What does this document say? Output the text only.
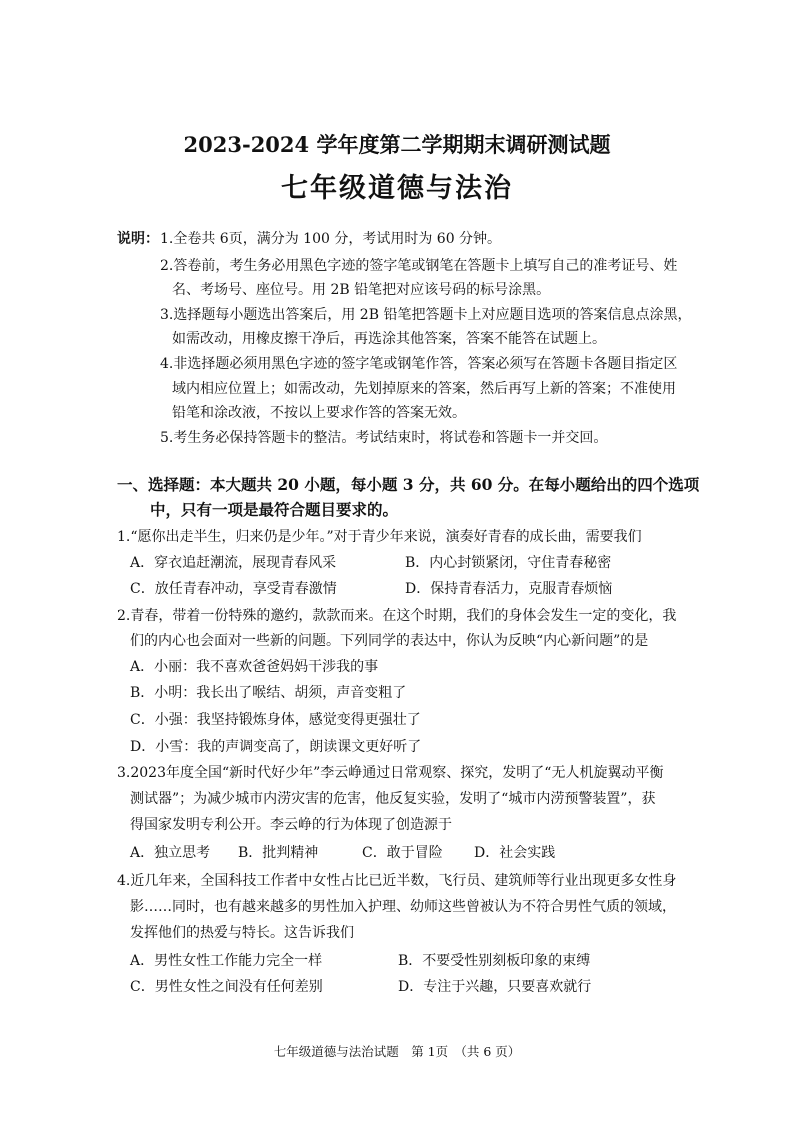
2023-2024 学年度第二学期期末调研测试题
七年级道德与法治
说明： 1.全卷共 6页，满分为 100 分，考试用时为 60 分钟。
2.答卷前，考生务必用黑色字迹的签字笔或钢笔在答题卡上填写自己的准考证号、姓
名、考场号、座位号。用 2B 铅笔把对应该号码的标号涂黑。
3.选择题每小题选出答案后，用 2B 铅笔把答题卡上对应题目选项的答案信息点涂黑，
如需改动，用橡皮擦干净后，再选涂其他答案，答案不能答在试题上。
4.非选择题必须用黑色字迹的签字笔或钢笔作答，答案必须写在答题卡各题目指定区
域内相应位置上；如需改动，先划掉原来的答案，然后再写上新的答案；不准使用
铅笔和涂改液，不按以上要求作答的答案无效。
5.考生务必保持答题卡的整洁。考试结束时，将试卷和答题卡一并交回。
一、选择题：本大题共 20 小题，每小题 3 分，共 60 分。在每小题给出的四个选项
中，只有一项是最符合题目要求的。
1.“愿你出走半生，归来仍是少年。”对于青少年来说，演奏好青春的成长曲，需要我们
A．穿衣追赶潮流，展现青春风采	B．内心封锁紧闭，守住青春秘密
C．放任青春冲动，享受青春激情	D．保持青春活力，克服青春烦恼
2.青春，带着一份特殊的邀约，款款而来。在这个时期，我们的身体会发生一定的变化，我
们的内心也会面对一些新的问题。下列同学的表达中，你认为反映“内心新问题”的是
A．小丽：我不喜欢爸爸妈妈干涉我的事
B．小明：我长出了喉结、胡须，声音变粗了
C．小强：我坚持锻炼身体，感觉变得更强壮了
D．小雪：我的声调变高了，朗读课文更好听了
3.2023年度全国“新时代好少年”李云峥通过日常观察、探究，发明了“无人机旋翼动平衡
测试器”；为减少城市内涝灾害的危害，他反复实验，发明了“城市内涝预警装置”，获
得国家发明专利公开。李云峥的行为体现了创造源于
A．独立思考 B．批判精神	C．敢于冒险 D．社会实践
4.近几年来，全国科技工作者中女性占比已近半数，飞行员、建筑师等行业出现更多女性身
影……同时，也有越来越多的男性加入护理、幼师这些曾被认为不符合男性气质的领域，
发挥他们的热爱与特长。这告诉我们
A．男性女性工作能力完全一样	B．不要受性别刻板印象的束缚
C．男性女性之间没有任何差别	D．专注于兴趣，只要喜欢就行
七年级道德与法治试题　第 1页　（共 6 页）
